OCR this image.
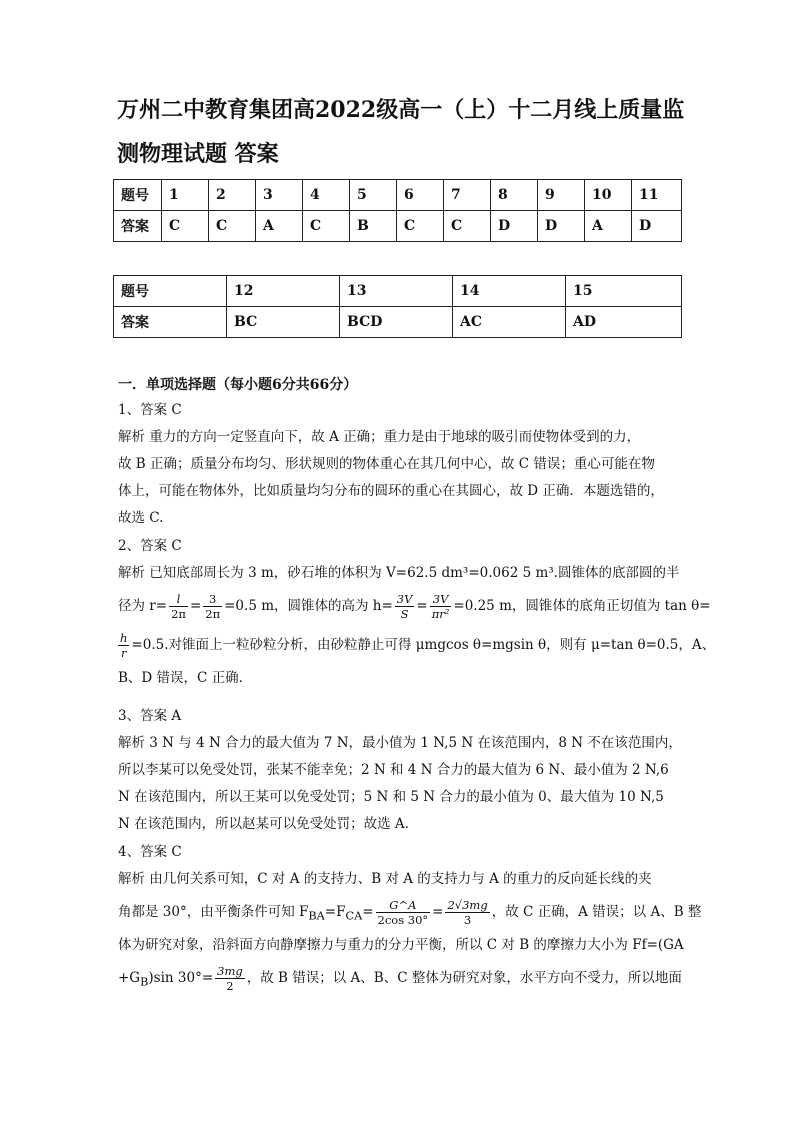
万州二中教育集团高2022级高一（上）十二月线上质量监
测物理试题 答案
题号	1	2	3	4	5	6	7	8	9	10	11
答案	C	C	A	C	B	C	C	D	D	A	D
题号	12	13	14	15
答案	BC	BCD	AC	AD
一．单项选择题（每小题6分共66分）
1、答案 C
解析 重力的方向一定竖直向下，故 A 正确；重力是由于地球的吸引而使物体受到的力，
故 B 正确；质量分布均匀、形状规则的物体重心在其几何中心，故 C 错误；重心可能在物
体上，可能在物体外，比如质量均匀分布的圆环的重心在其圆心，故 D 正确．本题选错的，
故选 C.
2、答案 C
解析 已知底部周长为 3 m，砂石堆的体积为 V=62.5 dm³=0.062 5 m³.圆锥体的底部圆的半
径为 $r= \frac{l}{2\pi} = \frac{3}{2\pi} =0.5$ m，圆锥体的高为 $h= \frac{3V}{S} = \frac{3V}{\text{πr²}} =0.25$ m，圆锥体的底角正切值为 tan θ=
$\frac{h}{r} =0.5$.对锥面上一粒砂粒分析，由砂粒静止可得 μmgcos θ=mgsin θ，则有 μ=tan θ=0.5，A、
B、D 错误，C 正确．
3、答案 A
解析 3 N 与 4 N 合力的最大值为 7 N，最小值为 1 N,5 N 在该范围内，8 N 不在该范围内，
所以李某可以免受处罚，张某不能幸免；2 N 和 4 N 合力的最大值为 6 N、最小值为 2 N,6
N 在该范围内，所以王某可以免受处罚；5 N 和 5 N 合力的最小值为 0、最大值为 10 N,5
N 在该范围内，所以赵某可以免受处罚；故选 A.
4、答案 C
解析 由几何关系可知，C 对 A 的支持力、B 对 A 的支持力与 A 的重力的反向延长线的夹
角都是 30°，由平衡条件可知 $F_{BA}=F_{CA}= \frac{G\^{}A}{2\cos 30^\circ} = \frac{2√3mg}{3}$ ，故 C 正确，A 错误；以 A、B 整
体为研究对象，沿斜面方向静摩擦力与重力的分力平衡，所以 C 对 B 的摩擦力大小为 Ff=(GA
$+G_B)\sin$ $30^\circ= \frac{3mg}{2}$ ，故 B 错误；以 A、B、C 整体为研究对象，水平方向不受力，所以地面
